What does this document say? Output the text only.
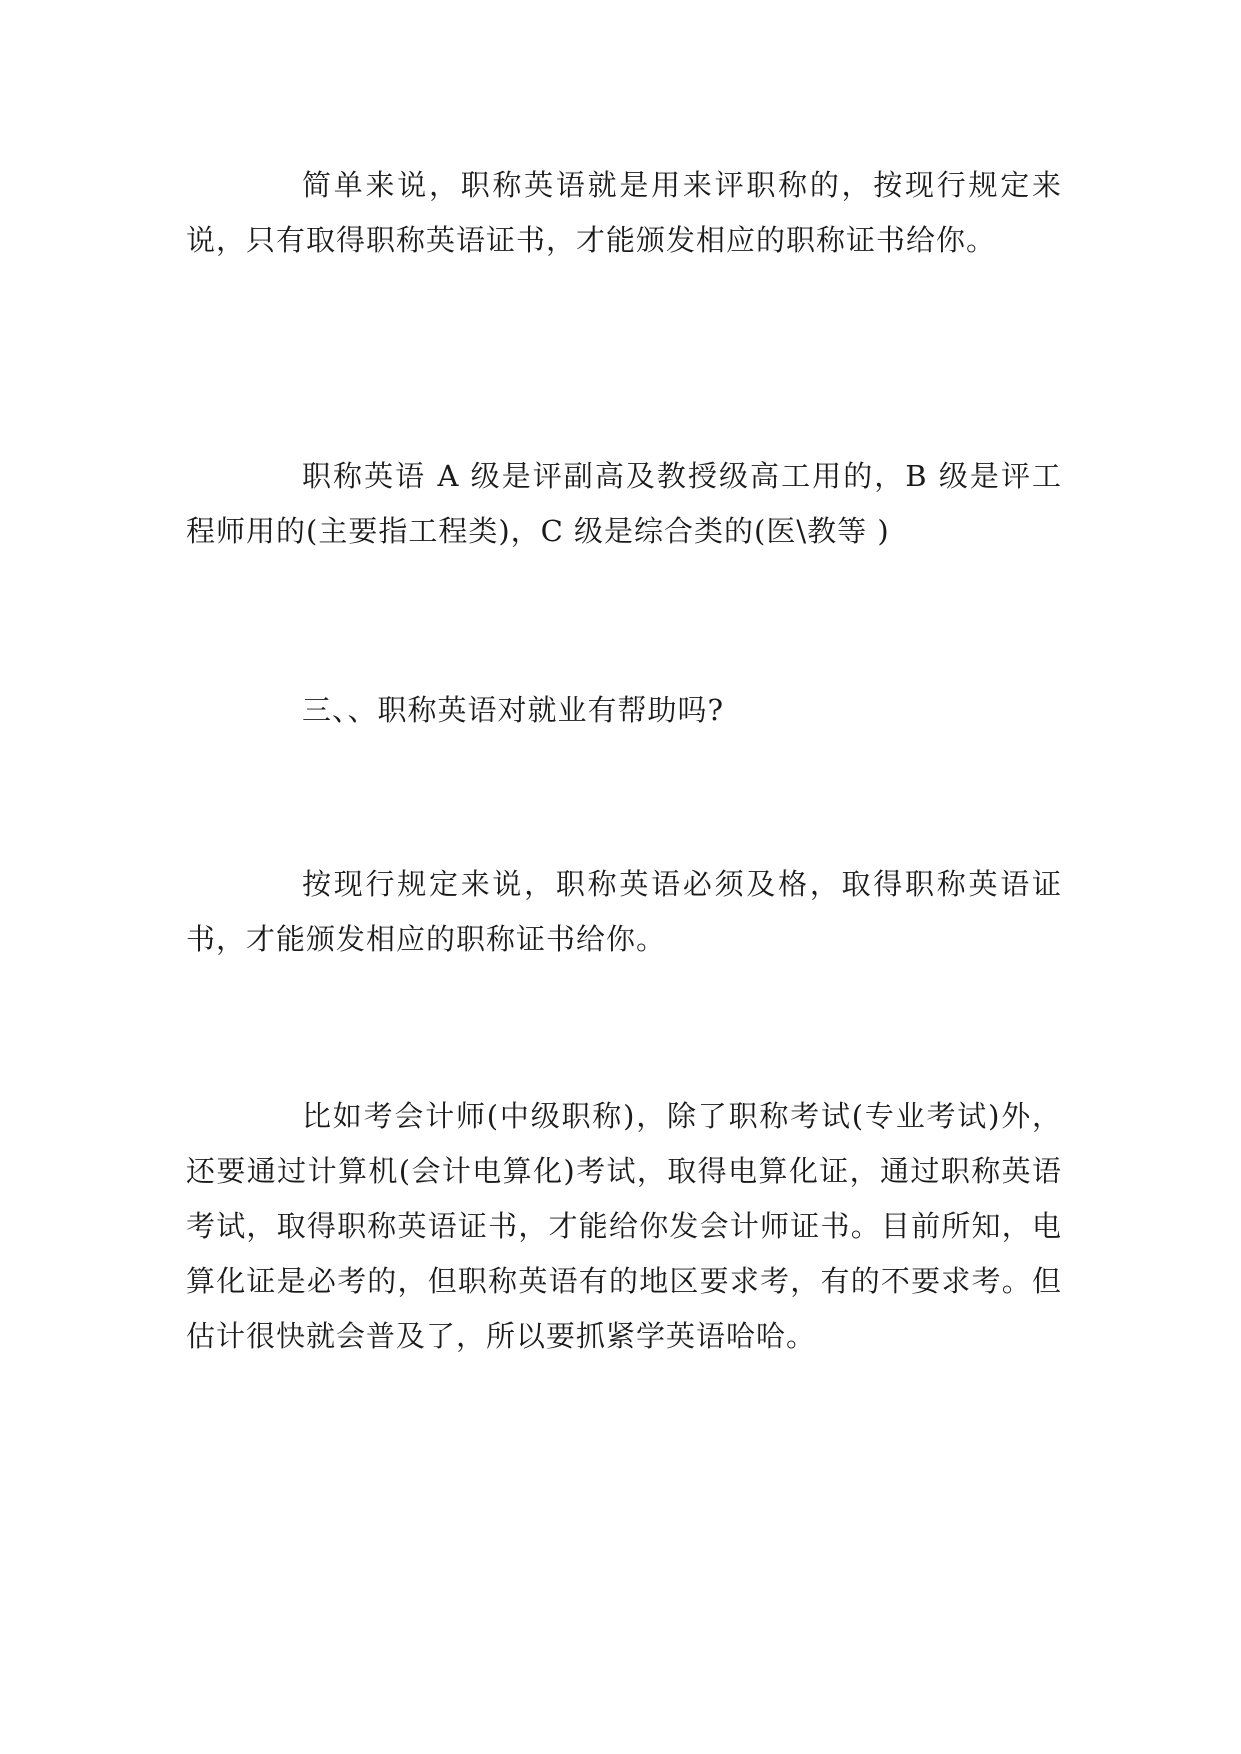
简单来说，职称英语就是用来评职称的，按现行规定来说，只有取得职称英语证书，才能颁发相应的职称证书给你。

职称英语 A 级是评副高及教授级高工用的，B 级是评工程师用的(主要指工程类)，C 级是综合类的(医\教等 )

三、、职称英语对就业有帮助吗?

按现行规定来说，职称英语必须及格，取得职称英语证书，才能颁发相应的职称证书给你。

比如考会计师(中级职称)，除了职称考试(专业考试)外，还要通过计算机(会计电算化)考试，取得电算化证，通过职称英语考试，取得职称英语证书，才能给你发会计师证书。目前所知，电算化证是必考的，但职称英语有的地区要求考，有的不要求考。但估计很快就会普及了，所以要抓紧学英语哈哈。
